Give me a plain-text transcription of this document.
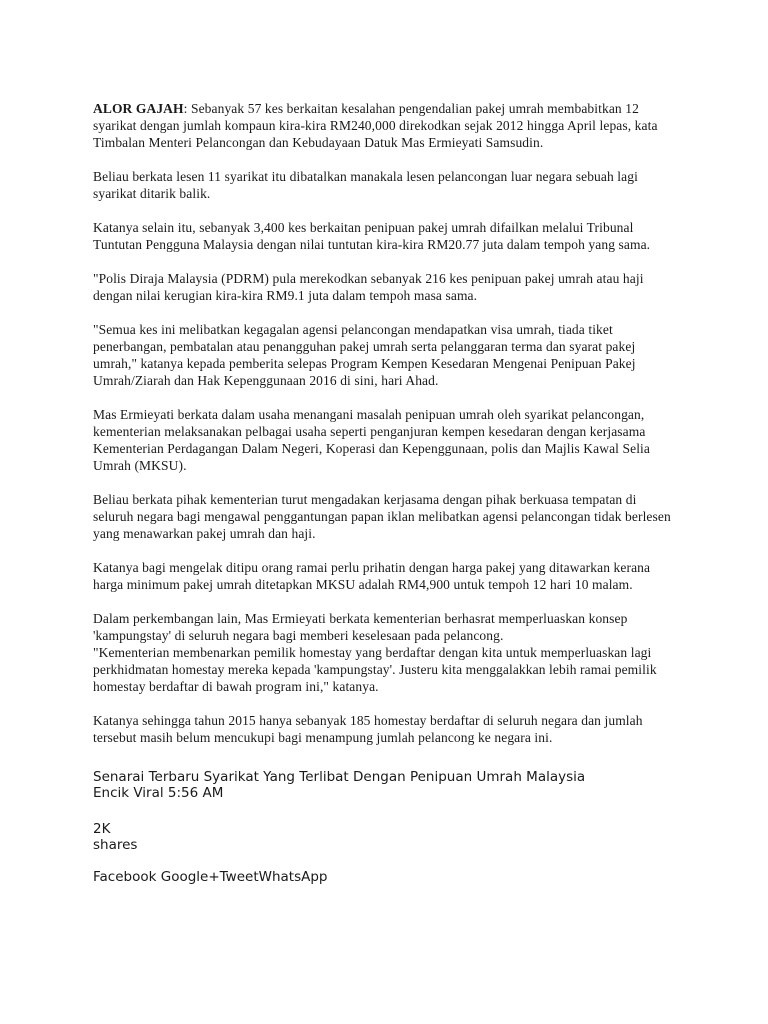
ALOR GAJAH: Sebanyak 57 kes berkaitan kesalahan pengendalian pakej umrah membabitkan 12 syarikat dengan jumlah kompaun kira-kira RM240,000 direkodkan sejak 2012 hingga April lepas, kata Timbalan Menteri Pelancongan dan Kebudayaan Datuk Mas Ermieyati Samsudin.

Beliau berkata lesen 11 syarikat itu dibatalkan manakala lesen pelancongan luar negara sebuah lagi syarikat ditarik balik.

Katanya selain itu, sebanyak 3,400 kes berkaitan penipuan pakej umrah difailkan melalui Tribunal Tuntutan Pengguna Malaysia dengan nilai tuntutan kira-kira RM20.77 juta dalam tempoh yang sama.

"Polis Diraja Malaysia (PDRM) pula merekodkan sebanyak 216 kes penipuan pakej umrah atau haji dengan nilai kerugian kira-kira RM9.1 juta dalam tempoh masa sama.

"Semua kes ini melibatkan kegagalan agensi pelancongan mendapatkan visa umrah, tiada tiket penerbangan, pembatalan atau penangguhan pakej umrah serta pelanggaran terma dan syarat pakej umrah," katanya kepada pemberita selepas Program Kempen Kesedaran Mengenai Penipuan Pakej Umrah/Ziarah dan Hak Kepenggunaan 2016 di sini, hari Ahad.

Mas Ermieyati berkata dalam usaha menangani masalah penipuan umrah oleh syarikat pelancongan, kementerian melaksanakan pelbagai usaha seperti penganjuran kempen kesedaran dengan kerjasama Kementerian Perdagangan Dalam Negeri, Koperasi dan Kepenggunaan, polis dan Majlis Kawal Selia Umrah (MKSU).

Beliau berkata pihak kementerian turut mengadakan kerjasama dengan pihak berkuasa tempatan di seluruh negara bagi mengawal penggantungan papan iklan melibatkan agensi pelancongan tidak berlesen yang menawarkan pakej umrah dan haji.

Katanya bagi mengelak ditipu orang ramai perlu prihatin dengan harga pakej yang ditawarkan kerana harga minimum pakej umrah ditetapkan MKSU adalah RM4,900 untuk tempoh 12 hari 10 malam.

Dalam perkembangan lain, Mas Ermieyati berkata kementerian berhasrat memperluaskan konsep 'kampungstay' di seluruh negara bagi memberi keselesaan pada pelancong.

"Kementerian membenarkan pemilik homestay yang berdaftar dengan kita untuk memperluaskan lagi perkhidmatan homestay mereka kepada 'kampungstay'. Justeru kita menggalakkan lebih ramai pemilik homestay berdaftar di bawah program ini," katanya.

Katanya sehingga tahun 2015 hanya sebanyak 185 homestay berdaftar di seluruh negara dan jumlah tersebut masih belum mencukupi bagi menampung jumlah pelancong ke negara ini.

Senarai Terbaru Syarikat Yang Terlibat Dengan Penipuan Umrah Malaysia
Encik Viral 5:56 AM
2K
shares
Facebook Google+TweetWhatsApp
